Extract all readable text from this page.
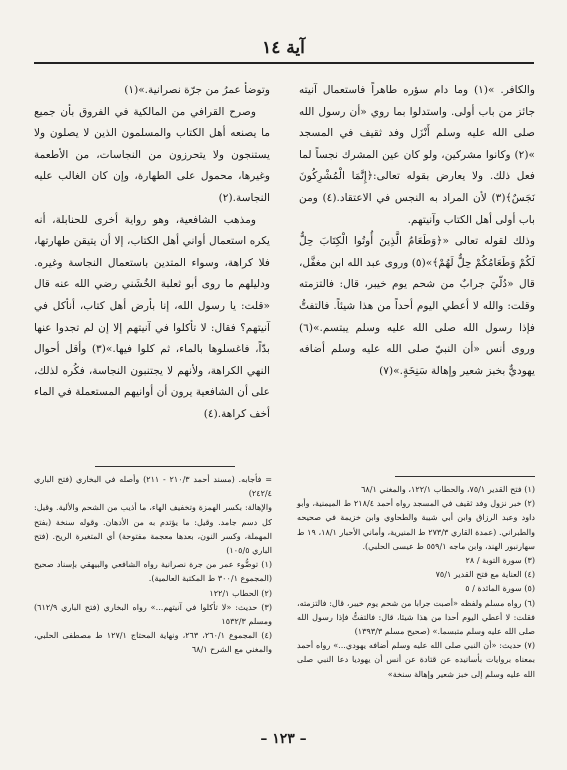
آية ١٤

والكافر. »(١) وما دام سؤره طاهراً فاستعمال آنيته جائز من باب أولى. واستدلوا بما روي «أن رسول الله صلى الله عليه وسلم أَنْزَل وفد ثقيف في المسجد »(٢) وكانوا مشركين، ولو كان عين المشرك نجساً لما فعل ذلك. ولا يعارض بقوله تعالى:﴿إِنَّمَا الْمُشْرِكُونَ نَجَسٌ﴾(٣) لأن المراد به النجس في الاعتقاد.(٤) ومن باب أولى أهل الكتاب وآنيتهم.

وذلك لقوله تعالى «﴿وَطَعَامُ الَّذِينَ أُوتُوا الْكِتَابَ حِلٌّ لَكُمْ وَطَعَامُكُمْ حِلٌّ لَهُمْ﴾»(٥) وروى عبد الله ابن مغفَّل، قال «دُلّيَ جرابٌ من شحم يوم خيبر، قال: فالتزمته وقلت: والله لا أعطي اليوم أحداً من هذا شيئاً. فالتفتُّ فإذا رسول الله صلى الله عليه وسلم يبتسم.»(٦) وروى أنس «أن النبيّ صلى الله عليه وسلم أضافه يهوديٌّ بخبز شعير وإهالة سَنِخَةٍ.»(٧)

وتوضأ عمرُ من جرّة نصرانية.»(١)

وصرح القرافي من المالكية في الفروق بأن جميع ما يصنعه أهل الكتاب والمسلمون الذين لا يصلون ولا يستنجون ولا يتحرزون من النجاسات، من الأطعمة وغيرها، محمول على الطهارة، وإن كان الغالب عليه النجاسة.(٢)

ومذهب الشافعية، وهو رواية أخرى للحنابلة، أنه يكره استعمال أواني أهل الكتاب، إلا أن يتيقن طهارتها، فلا كراهة، وسواء المتدين باستعمال النجاسة وغيره. ودليلهم ما روى أبو ثعلبة الخُشَني رضي الله عنه قال «قلت: يا رسول الله، إنا بأرض أهل كتاب، أنأكل في آنيتهم؟ فقال: لا تأكلوا في آنيتهم إلا إن لم تجدوا عنها بدّاً، فاغسلوها بالماء، ثم كلوا فيها.»(٣) وأقل أحوال النهي الكراهة، ولأنهم لا يجتنبون النجاسة، فكُره لذلك، على أن الشافعية يرون أن أوانيهم المستعملة في الماء أخف كراهة.(٤)

(١) فتح القدير ٧٥/١، والحطاب ١٢٢/١، والمغني ٦٨/١

(٢) خبر نزول وفد ثقيف في المسجد رواه أحمد ٢١٨/٤ ط الميمنية، وأبو داود وعبد الرزاق وابن أبي شيبة والطحاوي وابن خزيمة في صحيحه والطبراني. (عمدة القاري ٢٧٣/٣ ط المنيرية، وأماني الأحبار ١٨/١، ١٩ ط سهارنبور الهند، وابن ماجه ٥٥٩/١ ط عيسى الحلبي).

(٣) سورة التوبة / ٢٨

(٤) العناية مع فتح القدير ٧٥/١

(٥) سورة المائدة / ٥

(٦) رواه مسلم ولفظه «أصبت جرابا من شحم يوم خيبر، قال: فالتزمته، فقلت: لا أعطي اليوم أحدا من هذا شيئا، قال: فالتفتُّ فإذا رسول الله صلى الله عليه وسلم متبسما.» (صحيح مسلم ١٣٩٣/٣)

(٧) حديث: «أن النبي صلى الله عليه وسلم أضافه يهودي...» رواه أحمد بمعناه بروايات بأسانيده عن قتادة عن أنس أن يهوديا دعا النبي صلى الله عليه وسلم إلى خبز شعير وإهالة سنخة»

= فأجابه. (مسند أحمد ٢١٠/٣ - ٢١١) وأصله في البخاري (فتح الباري ٢٤٢/٤)

والإهالة: بكسر الهمزة وتخفيف الهاء، ما أذيب من الشحم والألية. وقيل: كل دسم جامد. وقيل: ما يؤتدم به من الأدهان. وقوله سنخة (بفتح المهملة، وكسر النون، بعدها معجمة مفتوحة) أي المتغيرة الريح. (فتح الباري ١٠٥/٥)

(١) توضُّوء عمر من جرة نصرانية رواه الشافعي والبيهقي بإسناد صحيح (المجموع ٣٠٠/١ ط المكتبة العالمية).

(٢) الحطاب ١٢٢/١

(٣) حديث: «لا تأكلوا في آنيتهم...» رواه البخاري (فتح الباري ٦١٢/٩) ومسلم ١٥٣٢/٣

(٤) المجموع ٢٦٠/١، ٢٦٣، ونهاية المحتاج ١٢٧/١ ط مصطفى الحلبي، والمغني مع الشرح ٦٨/١

– ١٢٣ –
